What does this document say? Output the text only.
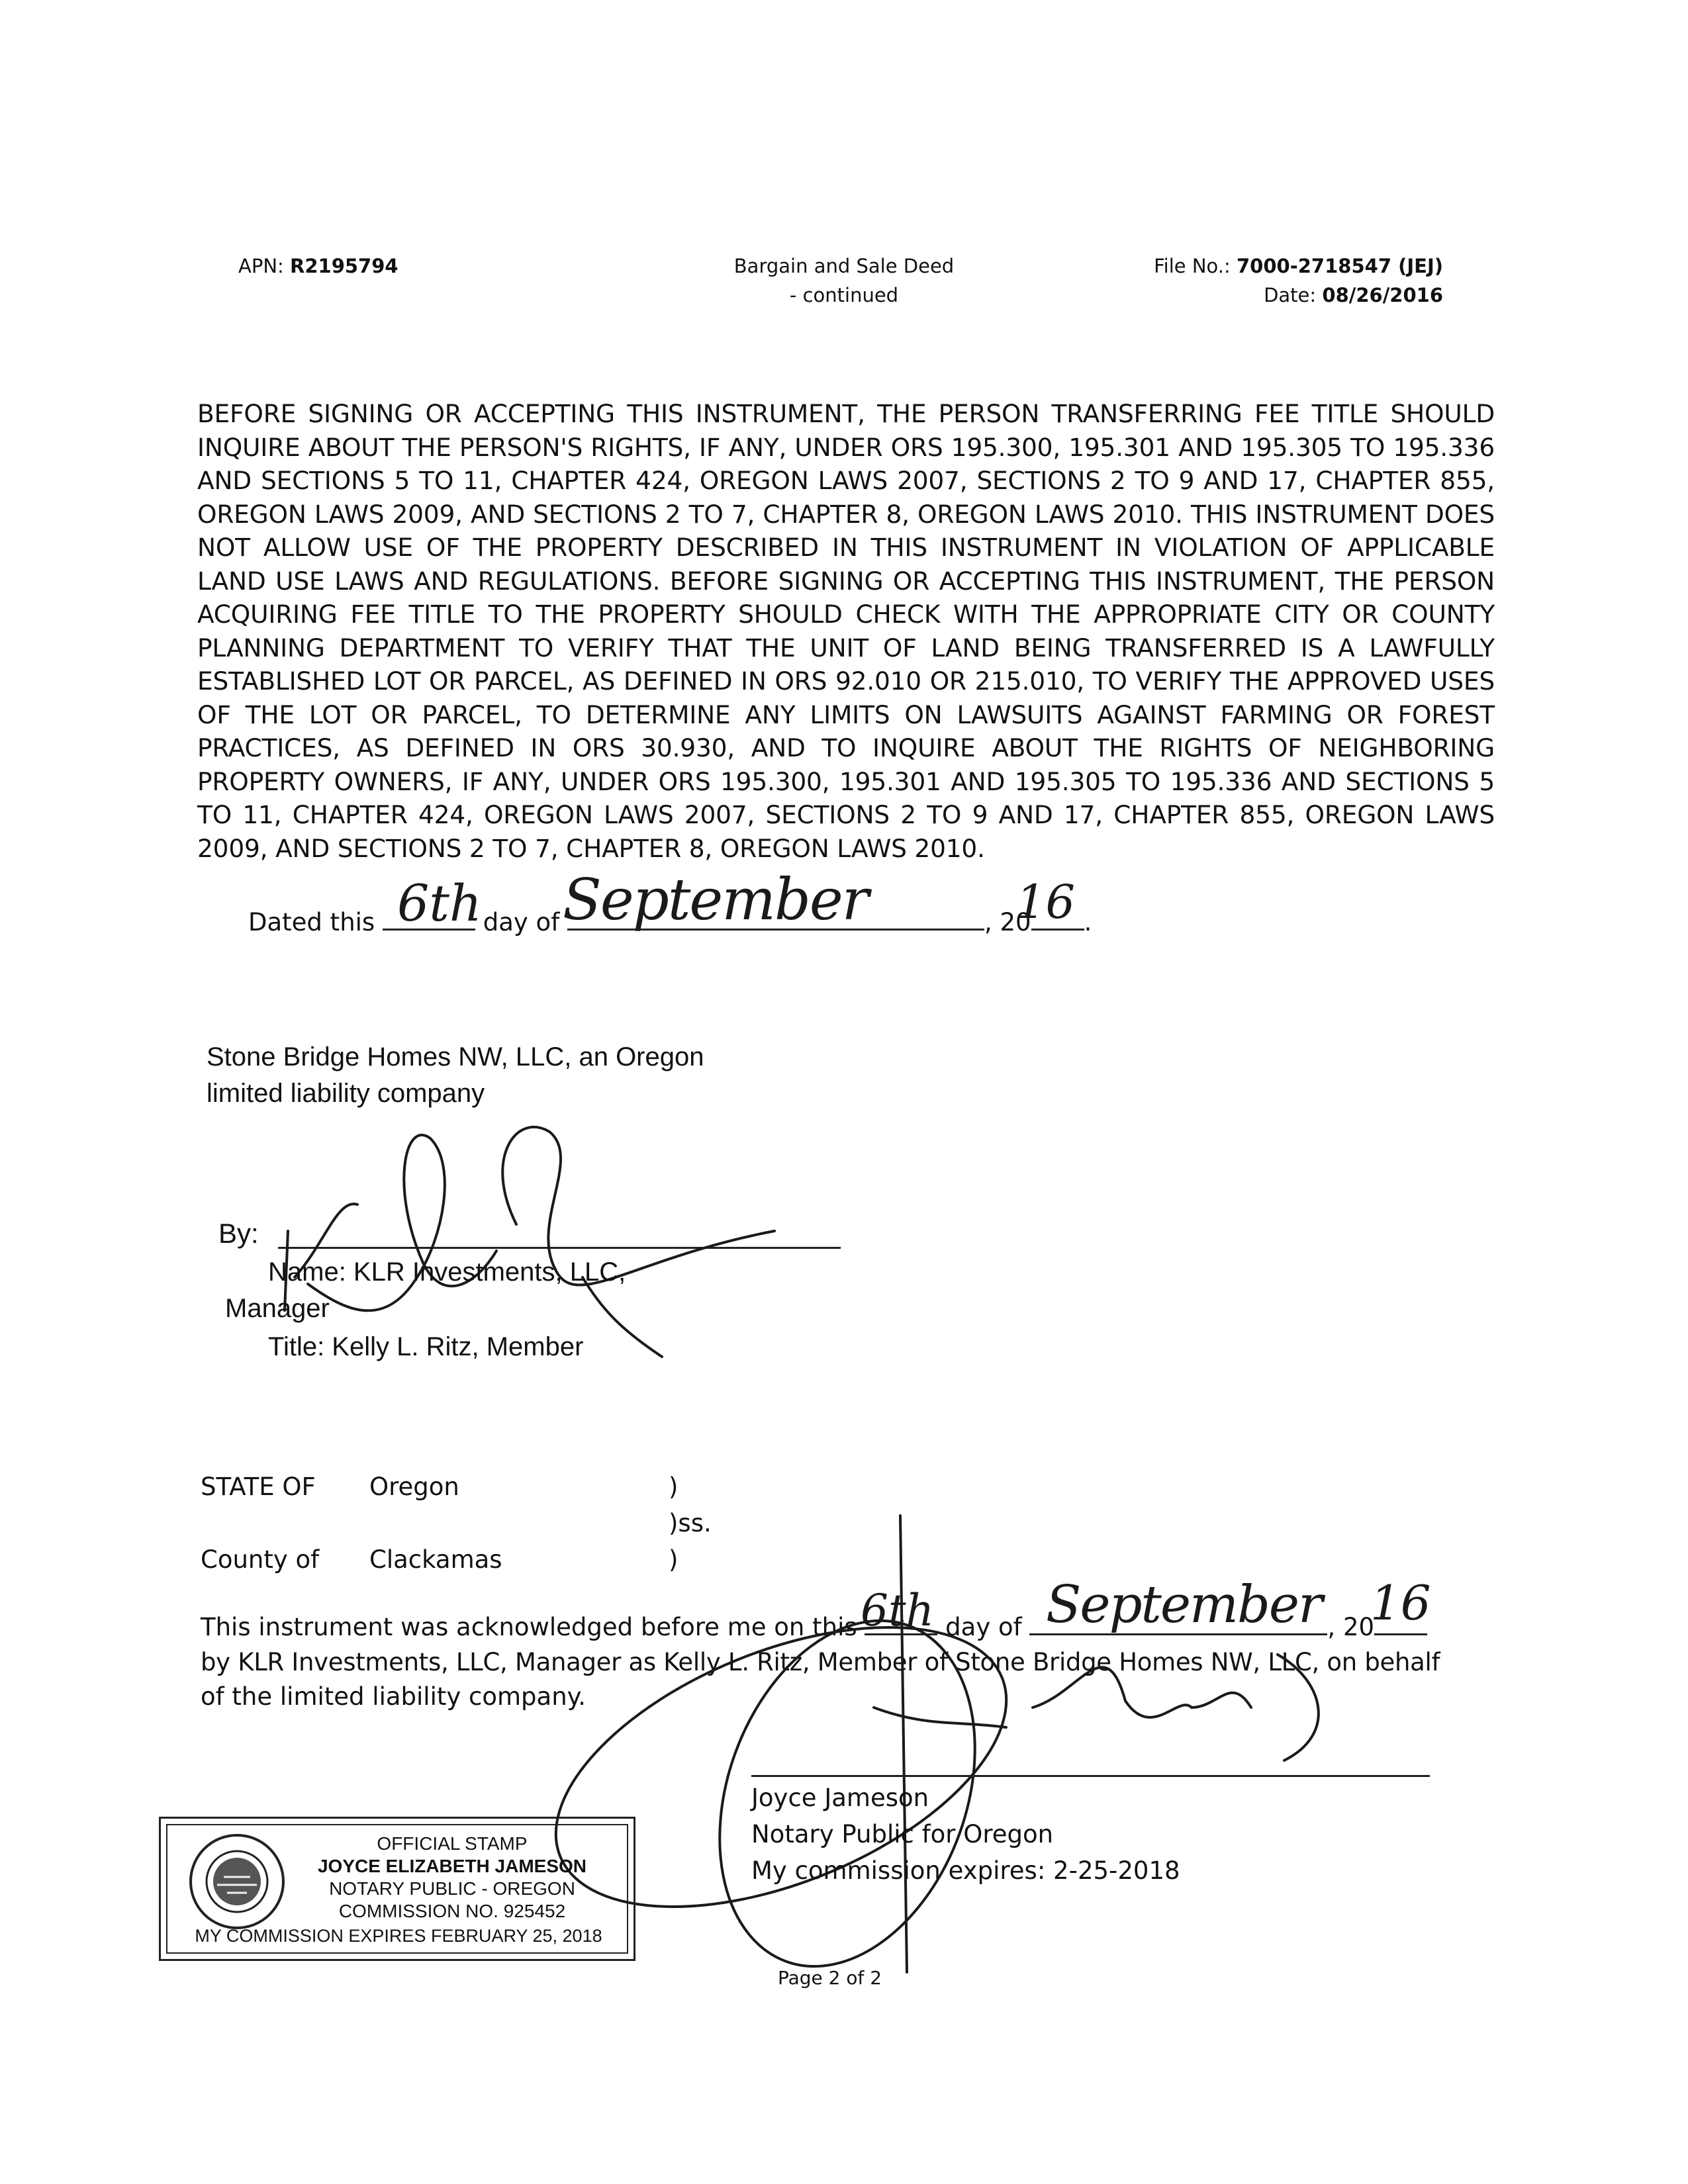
APN: R2195794	Bargain and Sale Deed
- continued
File No.: 7000-2718547 (JEJ)
Date: 08/26/2016
BEFORE SIGNING OR ACCEPTING THIS INSTRUMENT, THE PERSON TRANSFERRING FEE TITLE SHOULD INQUIRE ABOUT THE PERSON'S RIGHTS, IF ANY, UNDER ORS 195.300, 195.301 AND 195.305 TO 195.336 AND SECTIONS 5 TO 11, CHAPTER 424, OREGON LAWS 2007, SECTIONS 2 TO 9 AND 17, CHAPTER 855, OREGON LAWS 2009, AND SECTIONS 2 TO 7, CHAPTER 8, OREGON LAWS 2010. THIS INSTRUMENT DOES NOT ALLOW USE OF THE PROPERTY DESCRIBED IN THIS INSTRUMENT IN VIOLATION OF APPLICABLE LAND USE LAWS AND REGULATIONS. BEFORE SIGNING OR ACCEPTING THIS INSTRUMENT, THE PERSON ACQUIRING FEE TITLE TO THE PROPERTY SHOULD CHECK WITH THE APPROPRIATE CITY OR COUNTY PLANNING DEPARTMENT TO VERIFY THAT THE UNIT OF LAND BEING TRANSFERRED IS A LAWFULLY ESTABLISHED LOT OR PARCEL, AS DEFINED IN ORS 92.010 OR 215.010, TO VERIFY THE APPROVED USES OF THE LOT OR PARCEL, TO DETERMINE ANY LIMITS ON LAWSUITS AGAINST FARMING OR FOREST PRACTICES, AS DEFINED IN ORS 30.930, AND TO INQUIRE ABOUT THE RIGHTS OF NEIGHBORING PROPERTY OWNERS, IF ANY, UNDER ORS 195.300, 195.301 AND 195.305 TO 195.336 AND SECTIONS 5 TO 11, CHAPTER 424, OREGON LAWS 2007, SECTIONS 2 TO 9 AND 17, CHAPTER 855, OREGON LAWS 2009, AND SECTIONS 2 TO 7, CHAPTER 8, OREGON LAWS 2010.
Dated this	day of	, 20 .
6th September	16
Stone Bridge Homes NW, LLC, an Oregon
limited liability company
By:
Name: KLR Investments, LLC,
Manager
Title: Kelly L. Ritz, Member
STATE OF Oregon	)
)ss.
County of Clackamas	)
This instrument was acknowledged before me on this	day of	, 20
6th September 16
by KLR Investments, LLC, Manager as Kelly L. Ritz, Member of Stone Bridge Homes NW, LLC, on behalf
of the limited liability company.
Joyce Jameson
Notary Public for Oregon
My commission expires: 2-25-2018
OFFICIAL STAMP
JOYCE ELIZABETH JAMESON
NOTARY PUBLIC - OREGON
COMMISSION NO. 925452
MY COMMISSION EXPIRES FEBRUARY 25, 2018
Page 2 of 2
